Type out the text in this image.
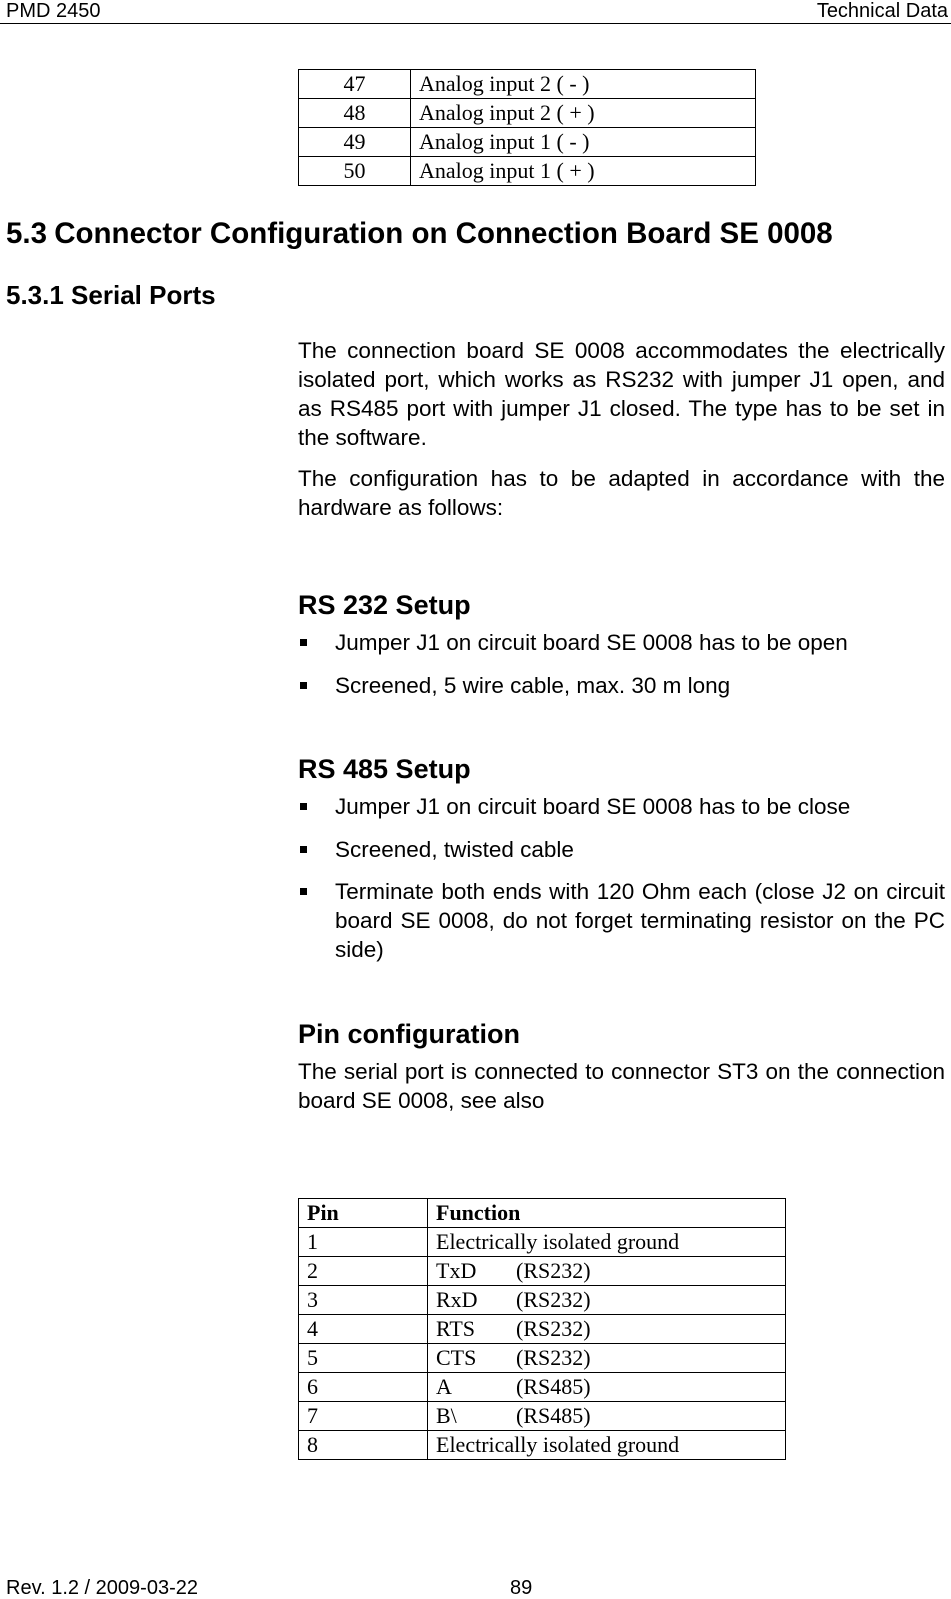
PMD 2450	Technical Data
47	Analog input 2 ( - )
48	Analog input 2 ( + )
49	Analog input 1 ( - )
50	Analog input 1 ( + )
5.3 Connector Configuration on Connection Board SE 0008
5.3.1 Serial Ports
The connection board SE 0008 accommodates the electrically isolated port, which works as RS232 with jumper J1 open, and as RS485 port with jumper J1 closed. The type has to be set in the software.
The configuration has to be adapted in accordance with the hardware as follows:
RS 232 Setup
Jumper J1 on circuit board SE 0008 has to be open
Screened, 5 wire cable, max. 30 m long
RS 485 Setup
Jumper J1 on circuit board SE 0008 has to be close
Screened, twisted cable
Terminate both ends with 120 Ohm each (close J2 on circuit board SE 0008, do not forget terminating resistor on the PC side)
Pin configuration
The serial port is connected to connector ST3 on the connection board SE 0008, see also
Pin	Function
1	Electrically isolated ground
2	TxD (RS232)
3	RxD (RS232)
4	RTS (RS232)
5	CTS (RS232)
6	A (RS485)
7	B\ (RS485)
8	Electrically isolated ground
Rev. 1.2 / 2009-03-22	89
